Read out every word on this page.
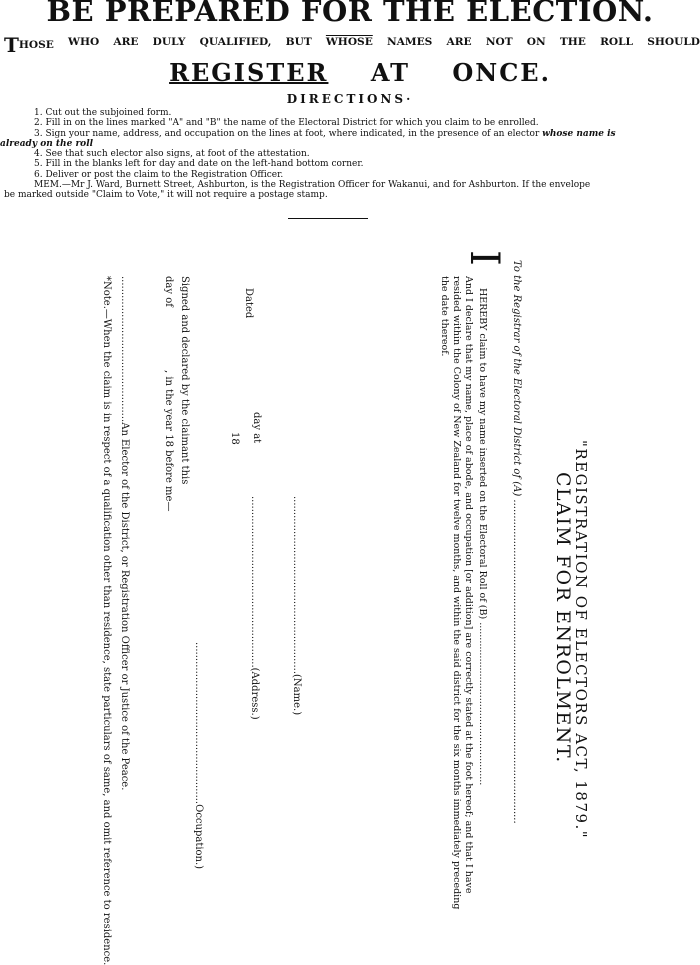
BE PREPARED FOR THE ELECTION.
THOSE WHO ARE DULY QUALIFIED, BUT WHOSE NAMES ARE NOT ON THE ROLL SHOULD
REGISTER AT ONCE.
DIRECTIONS·
1. Cut out the subjoined form.
2. Fill in on the lines marked "A" and "B" the name of the Electoral District for which you claim to be enrolled.
3. Sign your name, address, and occupation on the lines at foot, where indicated, in the presence of an elector whose name is
already on the roll
4. See that such elector also signs, at foot of the attestation.
5. Fill in the blanks left for day and date on the left-hand bottom corner.
6. Deliver or post the claim to the Registration Officer.
MEM.—Mr J. Ward, Burnett Street, Ashburton, is the Registration Officer for Wakanui, and for Ashburton. If the envelope
be marked outside "Claim to Vote," it will not require a postage stamp.
"REGISTRATION OF ELECTORS ACT, 1879."
CLAIM FOR ENROLMENT.
To the Registrar of the Electoral District of (A) ......................................................................................................
I
HEREBY claim to have my name inserted on the Electoral Roll of (B) ......................................................
And I declare that my name, place of abode, and occupation [or addition] are correctly stated at the foot hereof; and that I have
resided within the Colony of New Zealand for twelve months, and within the said district for the six months immediately preceding
the date thereof.
Dated
day at
18
........................................................(Name.)
......................................................(Address.)
...................................................Occupation.)
Signed and declared by the claimant this
day of
, in the year 18 before me—
..............................................An Elector of the District, or Registration Officer or Justice of the Peace.
*Note.—When the claim is in respect of a qualification other than residence, state particulars of same, and omit reference to residence.
